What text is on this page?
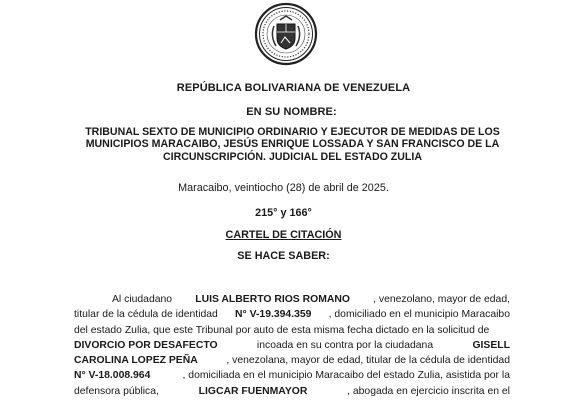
REPÚBLICA BOLIVARIANA DE VENEZUELA
EN SU NOMBRE:
TRIBUNAL SEXTO DE MUNICIPIO ORDINARIO Y EJECUTOR DE MEDIDAS DE LOS
MUNICIPIOS MARACAIBO, JESÚS ENRIQUE LOSSADA Y SAN FRANCISCO DE LA
CIRCUNSCRIPCIÓN. JUDICIAL DEL ESTADO ZULIA
Maracaibo, veintiocho (28) de abril de 2025.
215° y 166°
CARTEL DE CITACIÓN
SE HACE SABER:
Al ciudadano LUIS ALBERTO RIOS ROMANO , venezolano, mayor de edad,
titular de la cédula de identidad N° V-19.394.359 , domiciliado en el municipio Maracaibo
del estado Zulia, que este Tribunal por auto de esta misma fecha dictado en la solicitud de
DIVORCIO POR DESAFECTO	incoada en su contra por la ciudadana	GISELL
CAROLINA LOPEZ PEÑA	, venezolana, mayor de edad, titular de la cédula de identidad
N° V-18.008.964	, domiciliada en el municipio Maracaibo del estado Zulia, asistida por la
defensora pública,	LIGCAR FUENMAYOR	, abogada en ejercicio inscrita en el
